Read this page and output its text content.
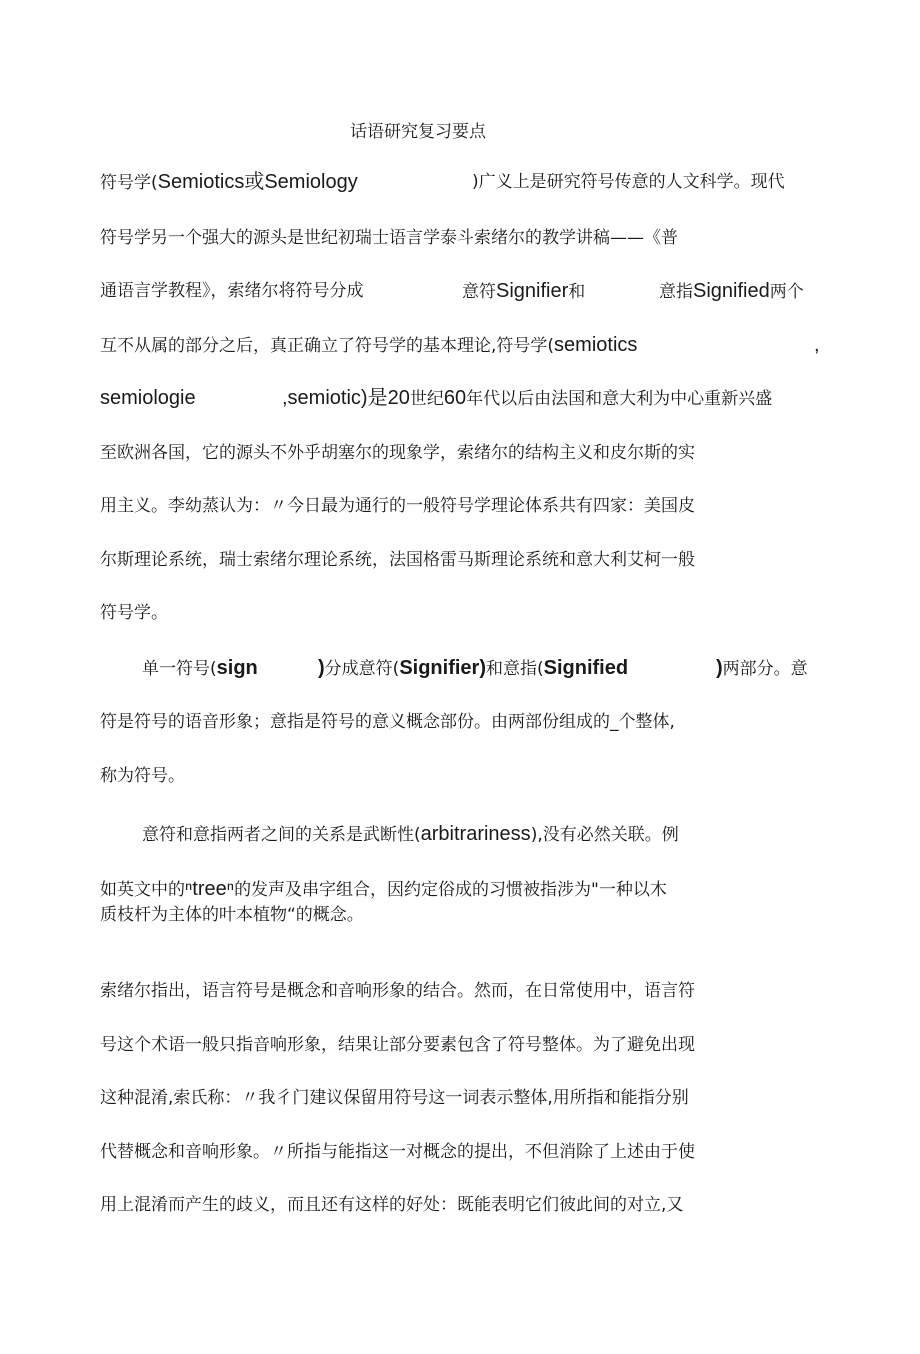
话语研究复习要点
符号学(Semiotics或Semiology	)广义上是研究符号传意的人文科学。现代
符号学另一个强大的源头是世纪初瑞士语言学泰斗索绪尔的教学讲稿——《普
通语言学教程》，索绪尔将符号分成	意符Signifier和	意指Signified两个
互不从属的部分之后，真正确立了符号学的基本理论,符号学(semiotics	,
semiologie	,semiotic)是20世纪60年代以后由法国和意大利为中心重新兴盛
至欧洲各国，它的源头不外乎胡塞尔的现象学，索绪尔的结构主义和皮尔斯的实
用主义。李幼蒸认为：〃今日最为通行的一般符号学理论体系共有四家：美国皮
尔斯理论系统，瑞士索绪尔理论系统，法国格雷马斯理论系统和意大利艾柯一般
符号学。
单一符号(sign	)分成意符(Signifier)和意指(Signified	)两部分。意
符是符号的语音形象；意指是符号的意义概念部份。由两部份组成的_个整体,
称为符号。
意符和意指两者之间的关系是武断性(arbitrariness),没有必然关联。例
如英文中的ⁿtreeⁿ的发声及串字组合，因约定俗成的习惯被指涉为"一种以木
质枝杆为主体的叶本植物“的概念。
索绪尔指出，语言符号是概念和音响形象的结合。然而，在日常使用中，语言符
号这个术语一般只指音响形象，结果让部分要素包含了符号整体。为了避免出现
这种混淆,索氏称：〃我彳门建议保留用符号这一词表示整体,用所指和能指分别
代替概念和音响形象。〃所指与能指这一对概念的提出，不但消除了上述由于使
用上混淆而产生的歧义，而且还有这样的好处：既能表明它们彼此间的对立,又
